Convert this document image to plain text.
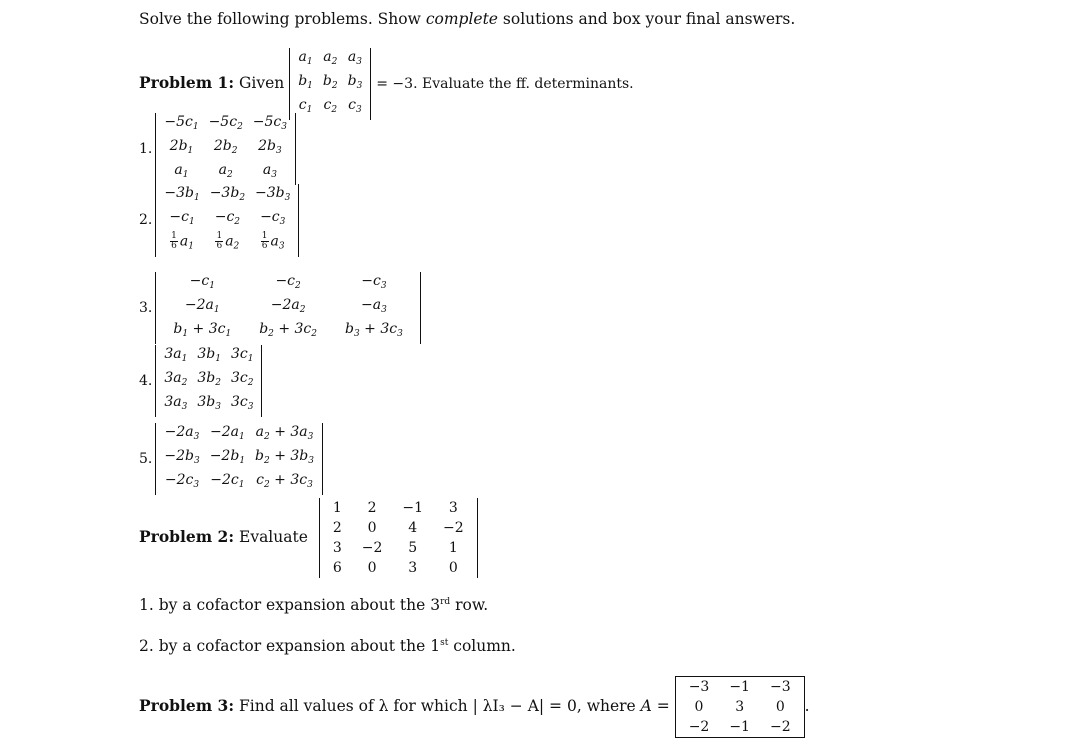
Solve the following problems. Show complete solutions and box your final answers.
Problem 1: Given
$a_1$	$a_2$	$a_3$
$b_1$	$b_2$	$b_3$
$c_1$	$c_2$	$c_3$
= −3. Evaluate the ff. determinants.
1.
$-5c_1$	$-5c_2$	$-5c_3$
$2b_1$	$2b_2$	$2b_3$
$a_1$	$a_2$	$a_3$
2.
$-3b_1$	$-3b_2$	$-3b_3$
$-c_1$	$-c_2$	$-c_3$

$\frac{1}{6} a_1$	$\frac{1}{6} a_2$	$\frac{1}{6} a_3$
3.
$-c_1$	$-c_2$	$-c_3$
$-2a_1$	$-2a_2$	$-a_3$
$b_1 + 3c_1$	$b_2 + 3c_2$	$b_3 + 3c_3$
4.
$3a_1$	$3b_1$	$3c_1$
$3a_2$	$3b_2$	$3c_2$
$3a_3$	$3b_3$	$3c_3$
5.
$-2a_3$	$-2a_1$	$a_2 + 3a_3$
$-2b_3$	$-2b_1$	$b_2 + 3b_3$
$-2c_3$	$-2c_1$	$c_2 + 3c_3$
Problem 2: Evaluate
1	2	−1	3
2	0	4	−2
3	−2	5	1
6	0	3	0
1. by a cofactor expansion about the 3rd row.
2. by a cofactor expansion about the 1st column.
Problem 3: Find all values of λ for which | λI₃ − A| = 0, where A =
−3	−1	−3
0	3	0
−2	−1	−2
.
